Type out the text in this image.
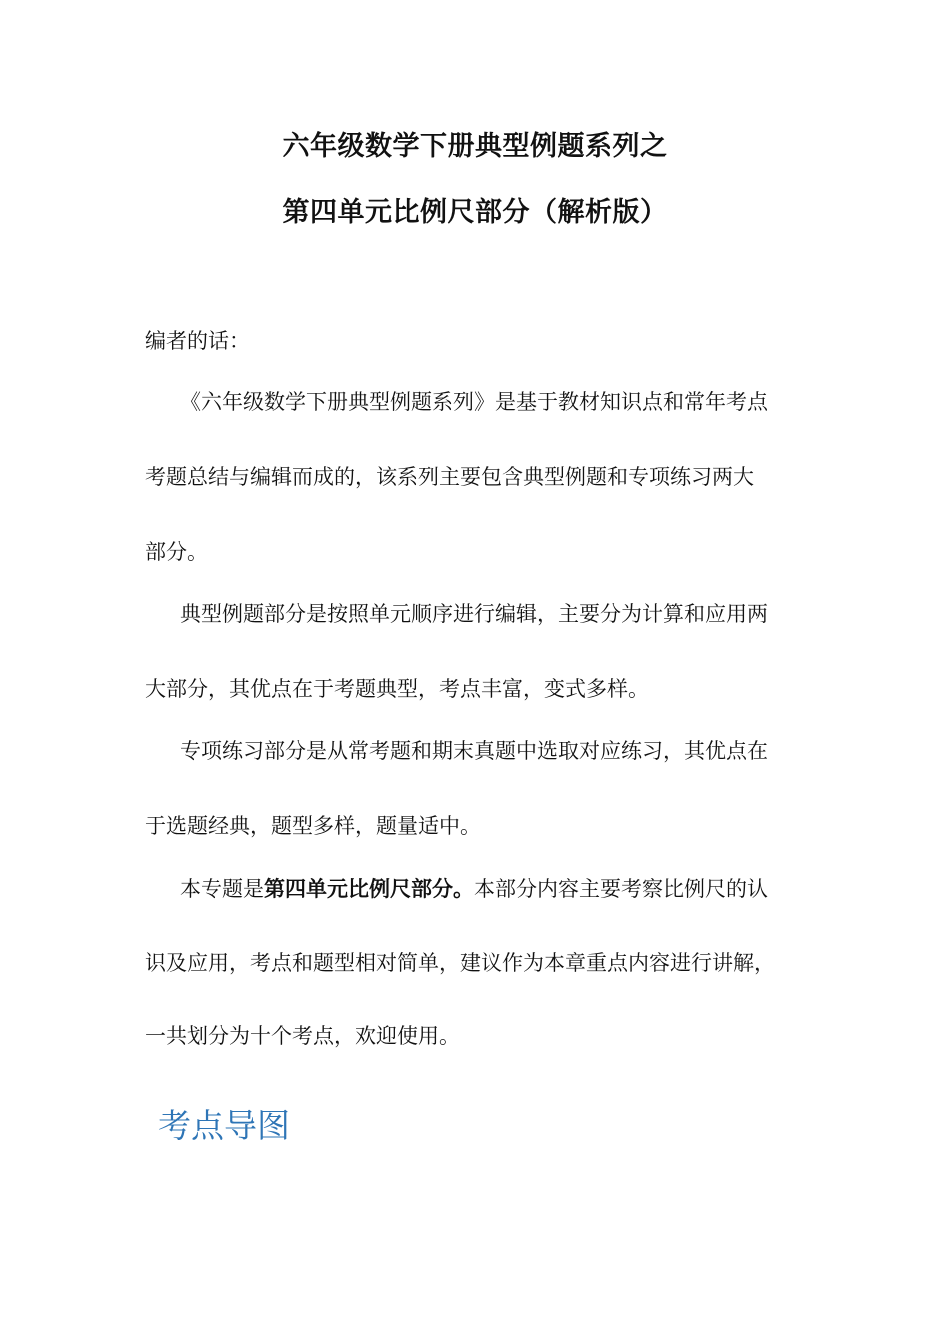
六年级数学下册典型例题系列之
第四单元比例尺部分（解析版）
编者的话：
《六年级数学下册典型例题系列》是基于教材知识点和常年考点
考题总结与编辑而成的，该系列主要包含典型例题和专项练习两大
部分。
典型例题部分是按照单元顺序进行编辑，主要分为计算和应用两
大部分，其优点在于考题典型，考点丰富，变式多样。
专项练习部分是从常考题和期末真题中选取对应练习，其优点在
于选题经典，题型多样，题量适中。
本专题是第四单元比例尺部分。本部分内容主要考察比例尺的认
识及应用，考点和题型相对简单，建议作为本章重点内容进行讲解，
一共划分为十个考点，欢迎使用。
考点导图
